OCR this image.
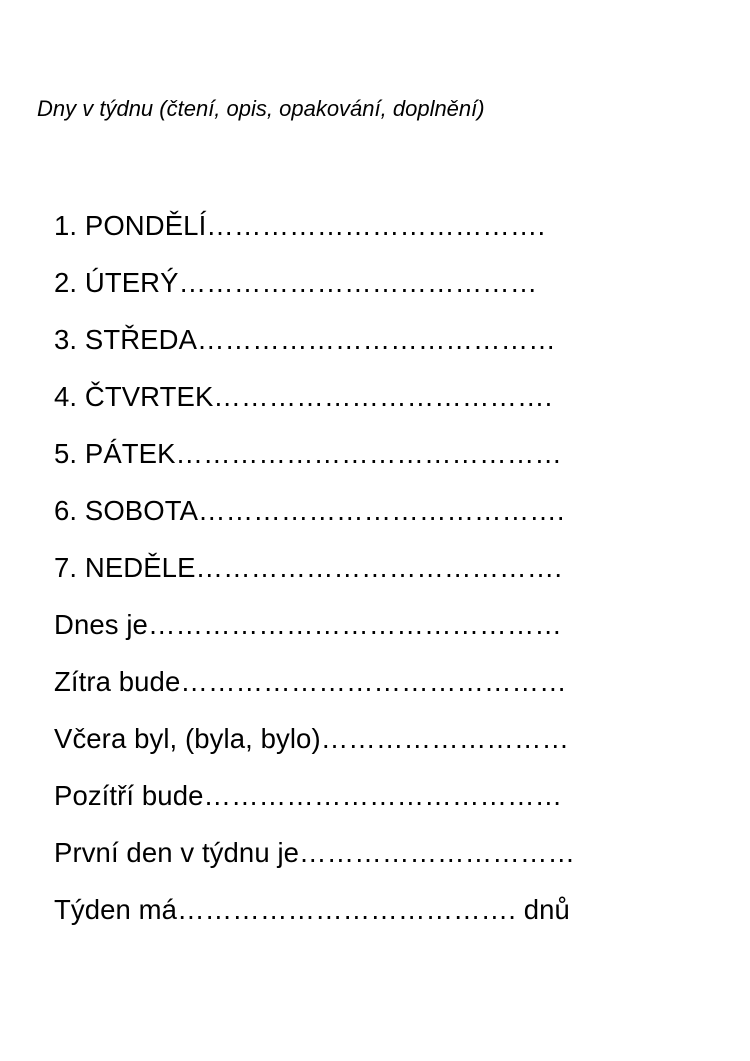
Dny v týdnu (čtení, opis, opakování, doplnění)
1. PONDĚLÍ……………………………….
2. ÚTERÝ…………………………………
3. STŘEDA…………………………………
4. ČTVRTEK……………………………….
5. PÁTEK……………………………………
6. SOBOTA………………………………….
7. NEDĚLE………………………………….
Dnes je………………………………………
Zítra bude……………………………………
Včera byl, (byla, bylo)………………………
Pozítří bude…………………………………
První den v týdnu je…………………………
Týden má………………………………. dnů
